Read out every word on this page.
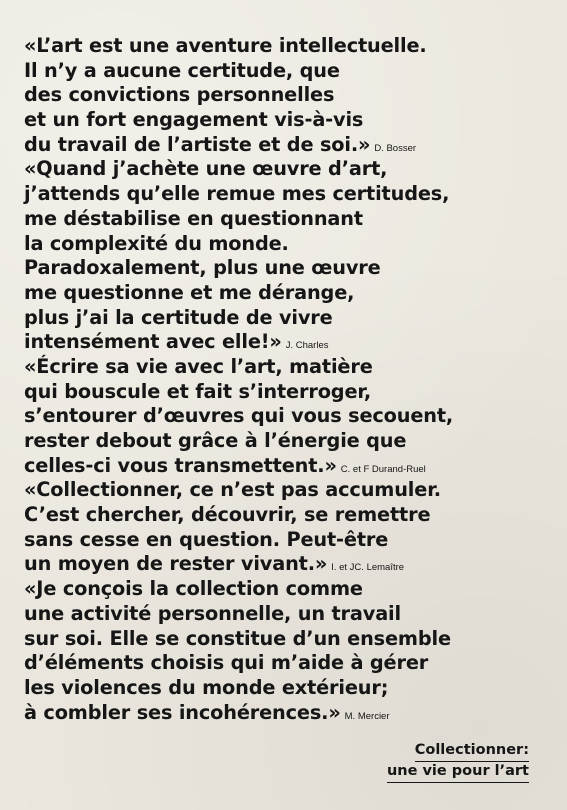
«L’art est une aventure intellectuelle.
Il n’y a aucune certitude, que
des convictions personnelles
et un fort engagement vis-à-vis
du travail de l’artiste et de soi.» D. Bosser
«Quand j’achète une œuvre d’art,
j’attends qu’elle remue mes certitudes,
me déstabilise en questionnant
la complexité du monde.
Paradoxalement, plus une œuvre
me questionne et me dérange,
plus j’ai la certitude de vivre
intensément avec elle!» J. Charles
«Écrire sa vie avec l’art, matière
qui bouscule et fait s’interroger,
s’entourer d’œuvres qui vous secouent,
rester debout grâce à l’énergie que
celles-ci vous transmettent.» C. et F Durand-Ruel
«Collectionner, ce n’est pas accumuler.
C’est chercher, découvrir, se remettre
sans cesse en question. Peut-être
un moyen de rester vivant.» I. et JC. Lemaître
«Je conçois la collection comme
une activité personnelle, un travail
sur soi. Elle se constitue d’un ensemble
d’éléments choisis qui m’aide à gérer
les violences du monde extérieur;
à combler ses incohérences.» M. Mercier
Collectionner:
une vie pour l’art
